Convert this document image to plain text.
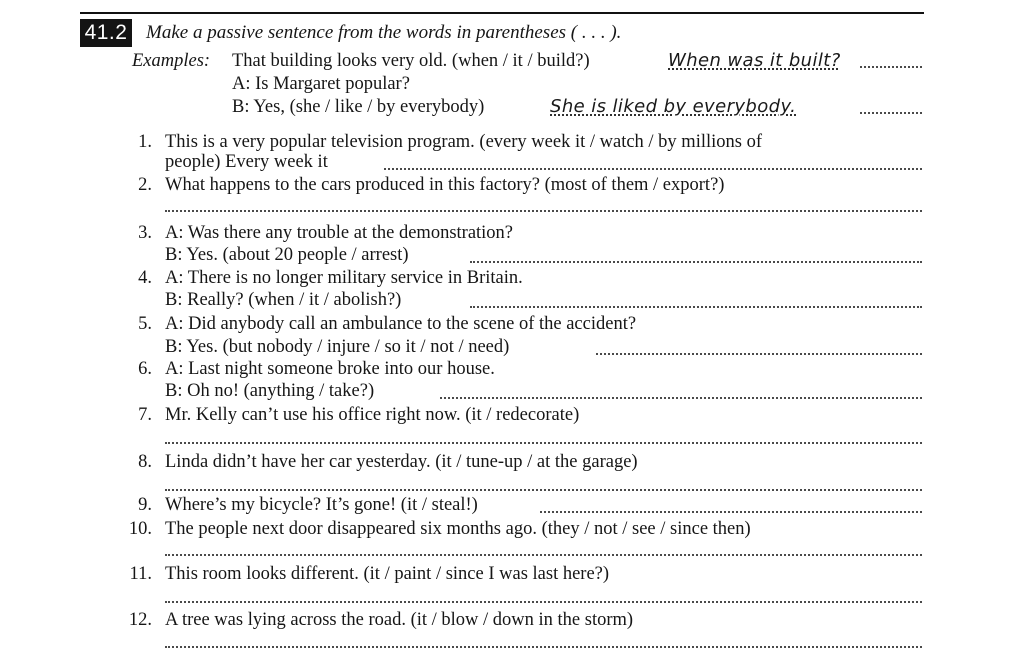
41.2 Make a passive sentence from the words in parentheses ( . . . ).
Examples: That building looks very old. (when / it / build?)	When was it built?
A: Is Margaret popular?
B: Yes, (she / like / by everybody)	She is liked by everybody.
1. This is a very popular television program. (every week it / watch / by millions of
people) Every week it
2. What happens to the cars produced in this factory? (most of them / export?)
3. A: Was there any trouble at the demonstration?
B: Yes. (about 20 people / arrest)
4. A: There is no longer military service in Britain.
B: Really? (when / it / abolish?)
5. A: Did anybody call an ambulance to the scene of the accident?
B: Yes. (but nobody / injure / so it / not / need)
6. A: Last night someone broke into our house.
B: Oh no! (anything / take?)
7. Mr. Kelly can’t use his office right now. (it / redecorate)
8. Linda didn’t have her car yesterday. (it / tune-up / at the garage)
9. Where’s my bicycle? It’s gone! (it / steal!)
10. The people next door disappeared six months ago. (they / not / see / since then)
11. This room looks different. (it / paint / since I was last here?)
12. A tree was lying across the road. (it / blow / down in the storm)
